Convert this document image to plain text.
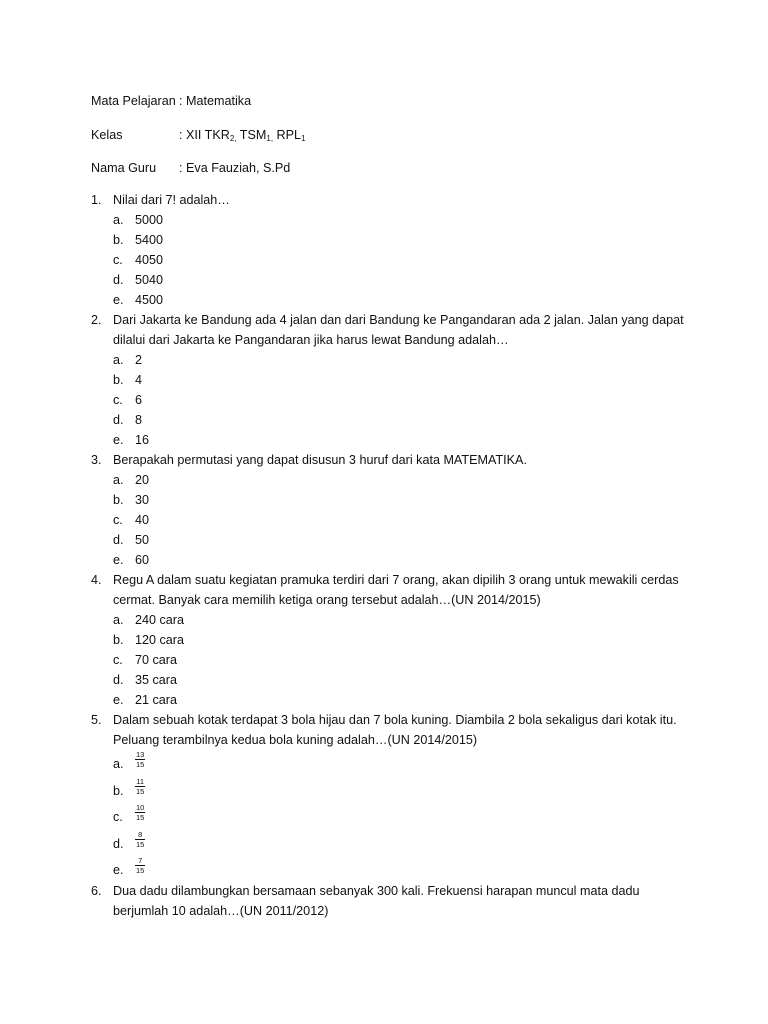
Mata Pelajaran : Matematika
Kelas	: XII $TKR_{2,}$ $TSM_{1,}$ $RPL_1$
Nama Guru : Eva Fauziah, S.Pd
1. Nilai dari 7! adalah…
a. 5000
b. 5400
c. 4050
d. 5040
e. 4500
2. Dari Jakarta ke Bandung ada 4 jalan dan dari Bandung ke Pangandaran ada 2 jalan. Jalan yang dapat dilalui dari Jakarta ke Pangandaran jika harus lewat Bandung adalah…
a. 2
b. 4
c. 6
d. 8
e. 16
3. Berapakah permutasi yang dapat disusun 3 huruf dari kata MATEMATIKA.
a. 20
b. 30
c. 40
d. 50
e. 60
4. Regu A dalam suatu kegiatan pramuka terdiri dari 7 orang, akan dipilih 3 orang untuk mewakili cerdas cermat. Banyak cara memilih ketiga orang tersebut adalah…(UN 2014/2015)
a. 240 cara
b. 120 cara
c. 70 cara
d. 35 cara
e. 21 cara
5. Dalam sebuah kotak terdapat 3 bola hijau dan 7 bola kuning. Diambila 2 bola sekaligus dari kotak itu. Peluang terambilnya kedua bola kuning adalah…(UN 2014/2015)
a. $\frac{13}{15}$
b. $\frac{11}{15}$
c. $\frac{10}{15}$
d. $\frac{8}{15}$
e. $\frac{7}{15}$
6. Dua dadu dilambungkan bersamaan sebanyak 300 kali. Frekuensi harapan muncul mata dadu berjumlah 10 adalah…(UN 2011/2012)
